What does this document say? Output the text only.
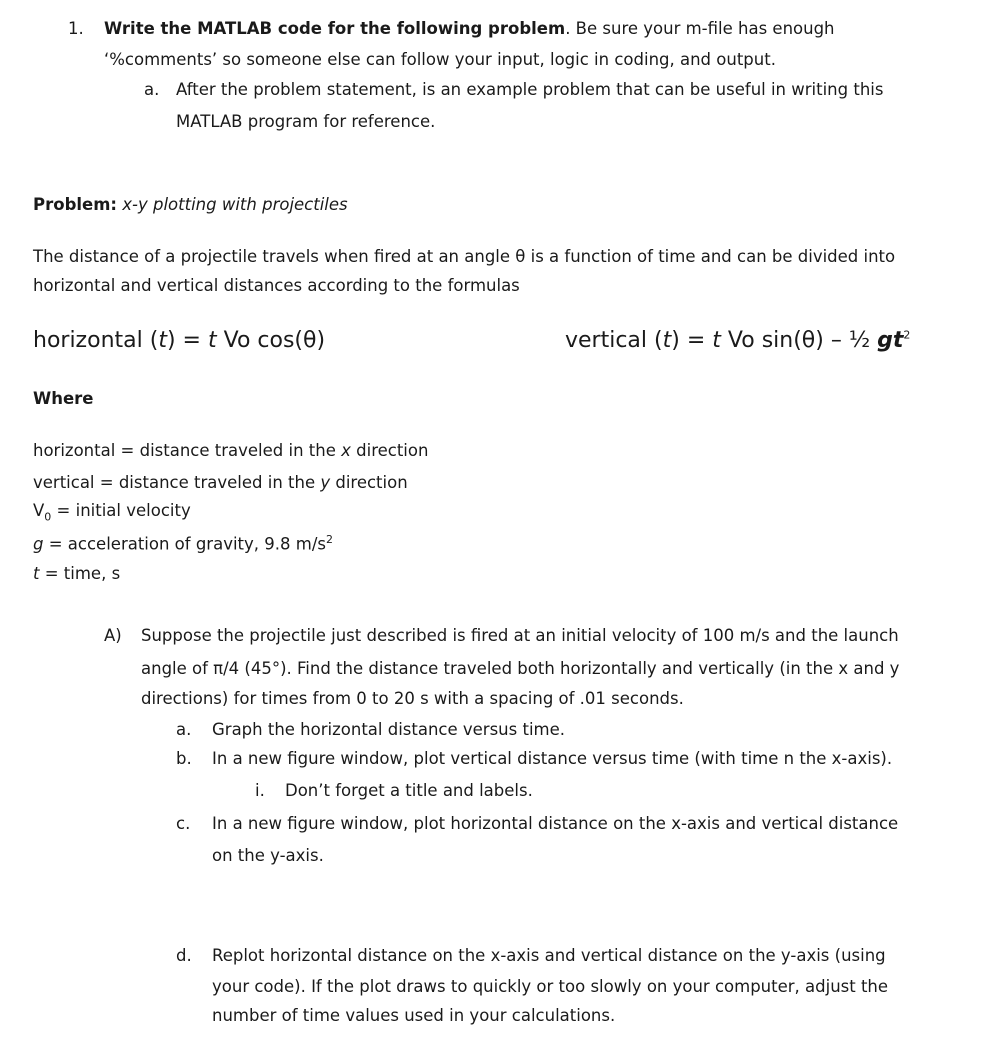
1. Write the MATLAB code for the following problem. Be sure your m-file has enough
‘%comments’ so someone else can follow your input, logic in coding, and output.
a. After the problem statement, is an example problem that can be useful in writing this
MATLAB program for reference.
Problem: x-y plotting with projectiles
The distance of a projectile travels when fired at an angle θ is a function of time and can be divided into
horizontal and vertical distances according to the formulas
horizontal (t) = t Vo cos(θ)	vertical (t) = t Vo sin(θ) – ½ $gt^2$
Where
horizontal = distance traveled in the x direction
vertical = distance traveled in the y direction
$V_0$ = initial velocity
g = acceleration of gravity, 9.8 $m/s^2$
t = time, s
A) Suppose the projectile just described is fired at an initial velocity of 100 m/s and the launch
angle of π/4 (45°). Find the distance traveled both horizontally and vertically (in the x and y
directions) for times from 0 to 20 s with a spacing of .01 seconds.
a. Graph the horizontal distance versus time.
b. In a new figure window, plot vertical distance versus time (with time n the x-axis).
i. Don’t forget a title and labels.
c. In a new figure window, plot horizontal distance on the x-axis and vertical distance
on the y-axis.
d. Replot horizontal distance on the x-axis and vertical distance on the y-axis (using
your code). If the plot draws to quickly or too slowly on your computer, adjust the
number of time values used in your calculations.
